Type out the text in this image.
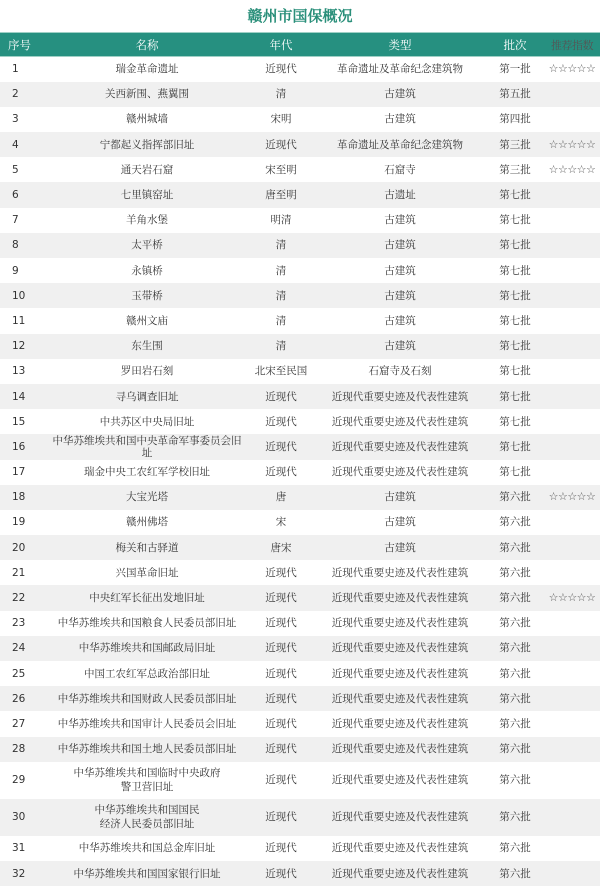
赣州市国保概况
序号	名称	年代	类型	批次	推荐指数
1	瑞金革命遗址	近现代	革命遗址及革命纪念建筑物	第一批	☆☆☆☆☆
2	关西新围、燕翼围	清	古建筑	第五批	
3	赣州城墙	宋明	古建筑	第四批	
4	宁都起义指挥部旧址	近现代	革命遗址及革命纪念建筑物	第三批	☆☆☆☆☆
5	通天岩石窟	宋至明	石窟寺	第三批	☆☆☆☆☆
6	七里镇窑址	唐至明	古遗址	第七批	
7	羊角水堡	明清	古建筑	第七批	
8	太平桥	清	古建筑	第七批	
9	永镇桥	清	古建筑	第七批	
10	玉带桥	清	古建筑	第七批	
11	赣州文庙	清	古建筑	第七批	
12	东生围	清	古建筑	第七批	
13	罗田岩石刻	北宋至民国	石窟寺及石刻	第七批	
14	寻乌调查旧址	近现代	近现代重要史迹及代表性建筑	第七批	
15	中共苏区中央局旧址	近现代	近现代重要史迹及代表性建筑	第七批	
16	中华苏维埃共和国中央革命军事委员会旧址	近现代	近现代重要史迹及代表性建筑	第七批	
17	瑞金中央工农红军学校旧址	近现代	近现代重要史迹及代表性建筑	第七批	
18	大宝光塔	唐	古建筑	第六批	☆☆☆☆☆
19	赣州佛塔	宋	古建筑	第六批	
20	梅关和古驿道	唐宋	古建筑	第六批	
21	兴国革命旧址	近现代	近现代重要史迹及代表性建筑	第六批	
22	中央红军长征出发地旧址	近现代	近现代重要史迹及代表性建筑	第六批	☆☆☆☆☆
23	中华苏维埃共和国粮食人民委员部旧址	近现代	近现代重要史迹及代表性建筑	第六批	
24	中华苏维埃共和国邮政局旧址	近现代	近现代重要史迹及代表性建筑	第六批	
25	中国工农红军总政治部旧址	近现代	近现代重要史迹及代表性建筑	第六批	
26	中华苏维埃共和国财政人民委员部旧址	近现代	近现代重要史迹及代表性建筑	第六批	
27	中华苏维埃共和国审计人民委员会旧址	近现代	近现代重要史迹及代表性建筑	第六批	
28	中华苏维埃共和国土地人民委员部旧址	近现代	近现代重要史迹及代表性建筑	第六批	
29	中华苏维埃共和国临时中央政府
警卫营旧址	近现代	近现代重要史迹及代表性建筑	第六批	
30	中华苏维埃共和国国民
经济人民委员部旧址	近现代	近现代重要史迹及代表性建筑	第六批	
31	中华苏维埃共和国总金库旧址	近现代	近现代重要史迹及代表性建筑	第六批	
32	中华苏维埃共和国国家银行旧址	近现代	近现代重要史迹及代表性建筑	第六批	
